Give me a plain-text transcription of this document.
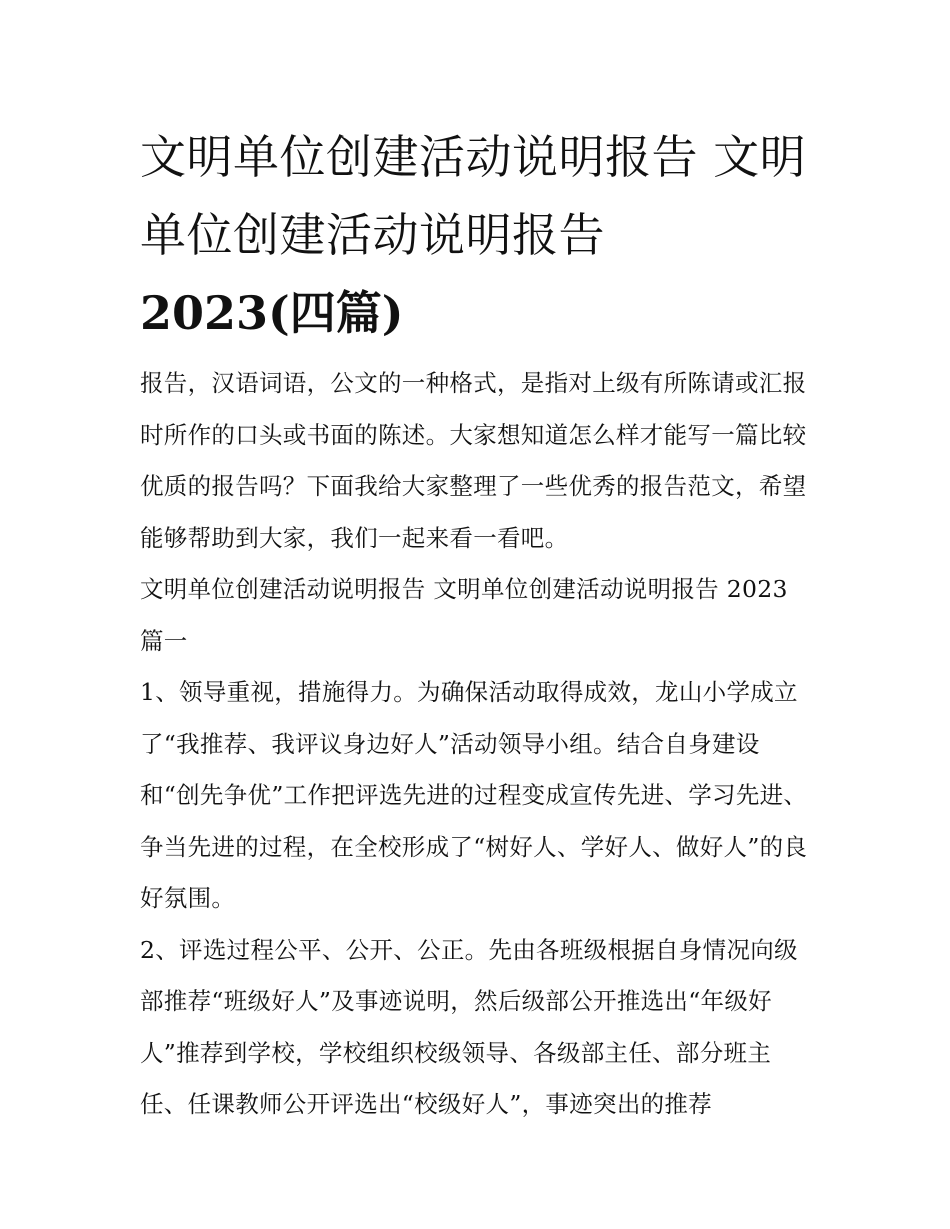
文明单位创建活动说明报告 文明单位创建活动说明报告
2023(四篇)

报告，汉语词语，公文的一种格式，是指对上级有所陈请或汇报时所作的口头或书面的陈述。大家想知道怎么样才能写一篇比较优质的报告吗？下面我给大家整理了一些优秀的报告范文，希望能够帮助到大家，我们一起来看一看吧。

文明单位创建活动说明报告 文明单位创建活动说明报告 2023 篇一

1、领导重视，措施得力。为确保活动取得成效，龙山小学成立了“我推荐、我评议身边好人”活动领导小组。结合自身建设和“创先争优”工作把评选先进的过程变成宣传先进、学习先进、争当先进的过程，在全校形成了“树好人、学好人、做好人”的良好氛围。

2、评选过程公平、公开、公正。先由各班级根据自身情况向级部推荐“班级好人”及事迹说明，然后级部公开推选出“年级好人”推荐到学校，学校组织校级领导、各级部主任、部分班主任、任课教师公开评选出“校级好人”，事迹突出的推荐
